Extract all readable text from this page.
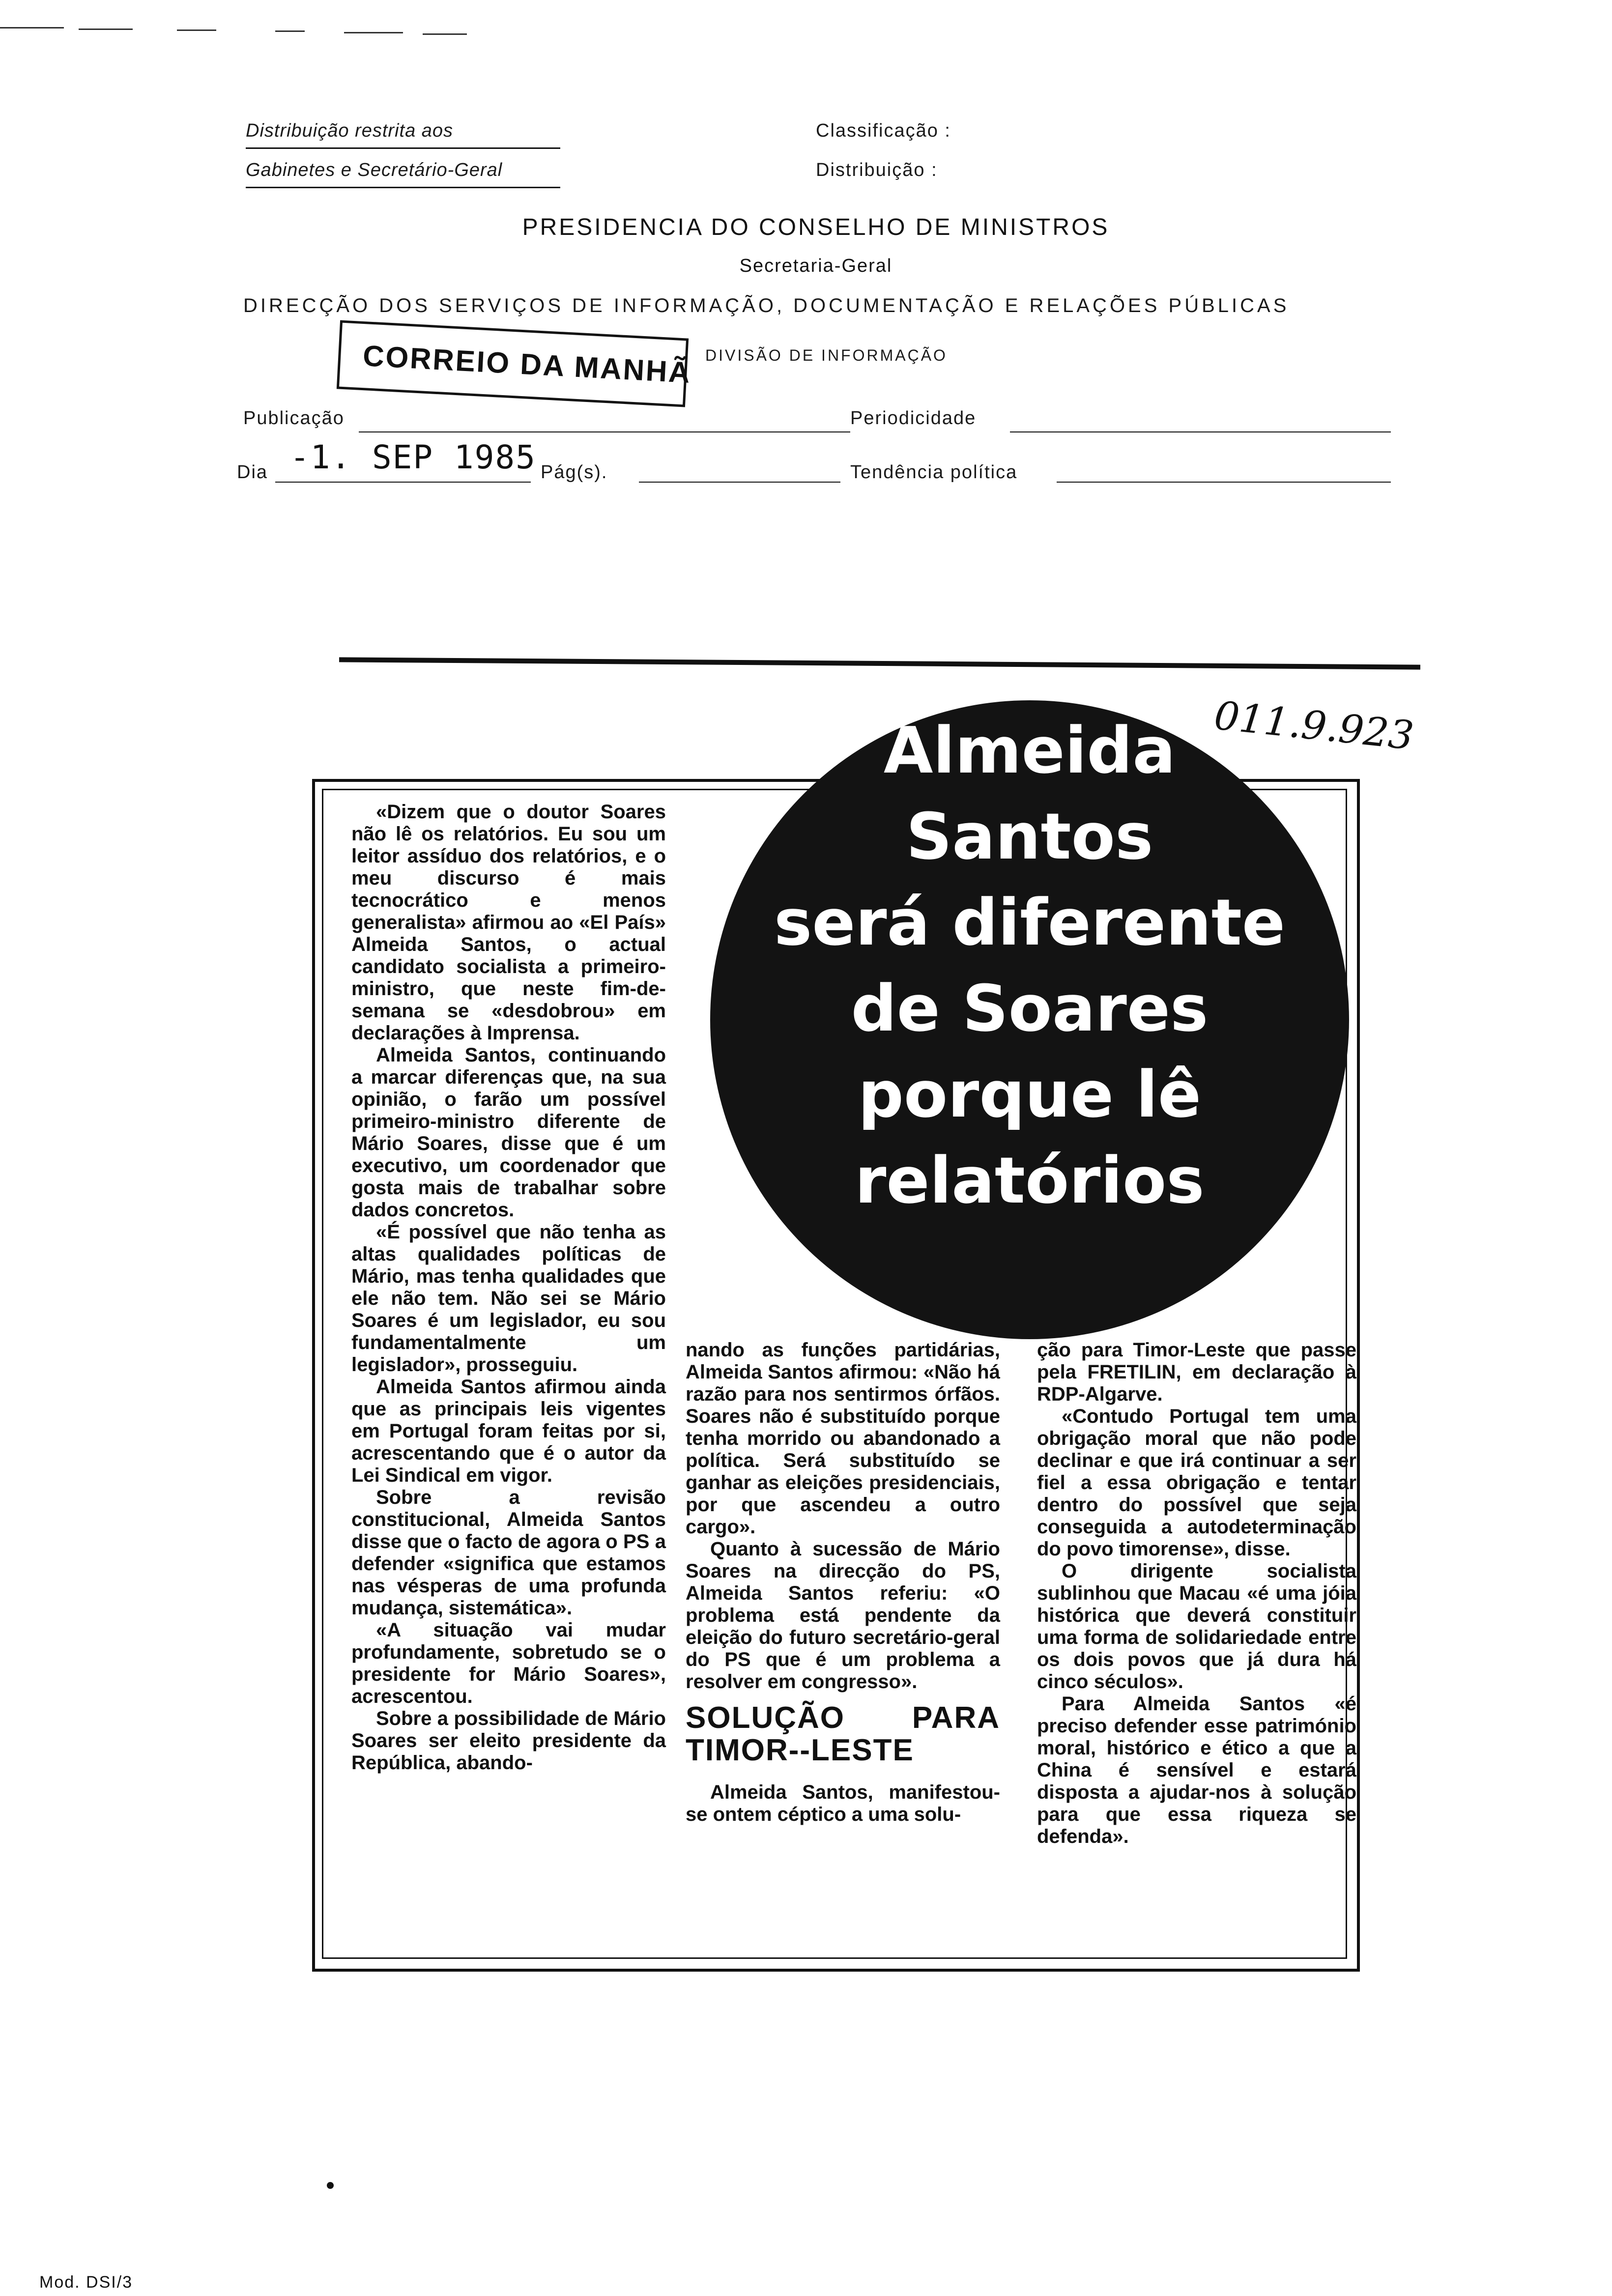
Distribuição restrita aos
Gabinetes e Secretário-Geral
Classificação :
Distribuição :
PRESIDENCIA DO CONSELHO DE MINISTROS
Secretaria-Geral
DIRECÇÃO DOS SERVIÇOS DE INFORMAÇÃO, DOCUMENTAÇÃO E RELAÇÕES PÚBLICAS
CORREIO DA MANHÃ DIVISÃO DE INFORMAÇÃO
Publicação	Periodicidade
Dia -1. SEP 1985 Pág(s).	Tendência política
011.9.923
Almeida
Santos
será diferente
de Soares
porque lê
relatórios

«Dizem que o doutor Soares não lê os relatórios. Eu sou um leitor assíduo dos relatórios, e o meu discurso é mais tecnocrático e menos generalista» afirmou ao «El País» Almeida Santos, o actual candidato socialista a primeiro-ministro, que neste fim-de-semana se «desdobrou» em declarações à Imprensa.

Almeida Santos, continuando a marcar diferenças que, na sua opinião, o farão um possível primeiro-ministro diferente de Mário Soares, disse que é um executivo, um coordenador que gosta mais de trabalhar sobre dados concretos.

«É possível que não tenha as altas qualidades políticas de Mário, mas tenha qualidades que ele não tem. Não sei se Mário Soares é um legislador, eu sou fundamentalmente um legislador», prosseguiu.

Almeida Santos afirmou ainda que as principais leis vigentes em Portugal foram feitas por si, acrescentando que é o autor da Lei Sindical em vigor.

Sobre a revisão constitucional, Almeida Santos disse que o facto de agora o PS a defender «significa que estamos nas vésperas de uma profunda mudança, sistemática».

«A situação vai mudar profundamente, sobretudo se o presidente for Mário Soares», acrescentou.

Sobre a possibilidade de Mário Soares ser eleito presidente da República, abando-

nando as funções partidárias, Almeida Santos afirmou: «Não há razão para nos sentirmos órfãos. Soares não é substituído porque tenha morrido ou abandonado a política. Será substituído se ganhar as eleições presidenciais, por que ascendeu a outro cargo».

Quanto à sucessão de Mário Soares na direcção do PS, Almeida Santos referiu: «O problema está pendente da eleição do futuro secretário-geral do PS que é um problema a resolver em congresso».

SOLUÇÃO PARA TIMOR--LESTE

Almeida Santos, manifestou-se ontem céptico a uma solu-

ção para Timor-Leste que passe pela FRETILIN, em declaração à RDP-Algarve.

«Contudo Portugal tem uma obrigação moral que não pode declinar e que irá continuar a ser fiel a essa obrigação e tentar dentro do possível que seja conseguida a autodeterminação do povo timorense», disse.

O dirigente socialista sublinhou que Macau «é uma jóia histórica que deverá constituir uma forma de solidariedade entre os dois povos que já dura há cinco séculos».

Para Almeida Santos «é preciso defender esse património moral, histórico e ético a que a China é sensível e estará disposta a ajudar-nos à solução para que essa riqueza se defenda».

Mod. DSI/3
